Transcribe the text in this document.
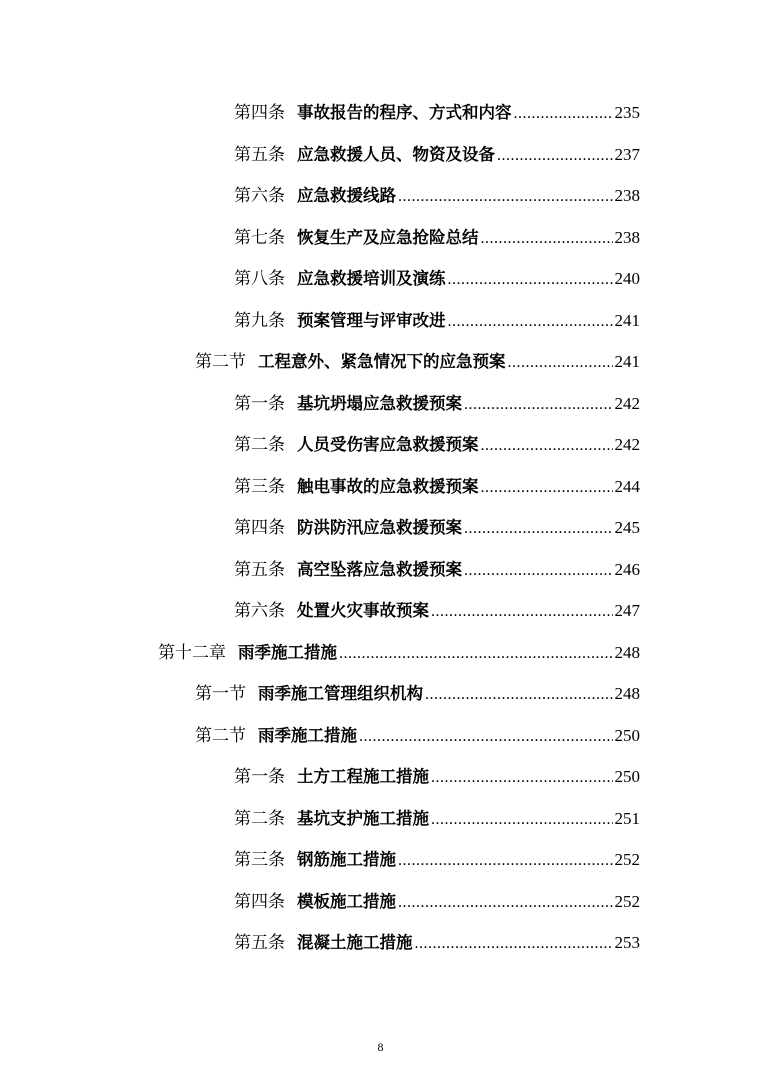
第四条 事故报告的程序、方式和内容 .....	235
第五条 应急救援人员、物资及设备 .....	237
第六条 应急救援线路 .....	238
第七条 恢复生产及应急抢险总结 .....	238
第八条 应急救援培训及演练 .....	240
第九条 预案管理与评审改进 .....	241
第二节 工程意外、紧急情况下的应急预案 .....	241
第一条 基坑坍塌应急救援预案 .....	242
第二条 人员受伤害应急救援预案 .....	242
第三条 触电事故的应急救援预案 .....	244
第四条 防洪防汛应急救援预案 .....	245
第五条 高空坠落应急救援预案 .....	246
第六条 处置火灾事故预案 .....	247
第十二章 雨季施工措施 .....	248
第一节 雨季施工管理组织机构 .....	248
第二节 雨季施工措施 .....	250
第一条 土方工程施工措施 .....	250
第二条 基坑支护施工措施 .....	251
第三条 钢筋施工措施 .....	252
第四条 模板施工措施 .....	252
第五条 混凝土施工措施 .....	253
8
